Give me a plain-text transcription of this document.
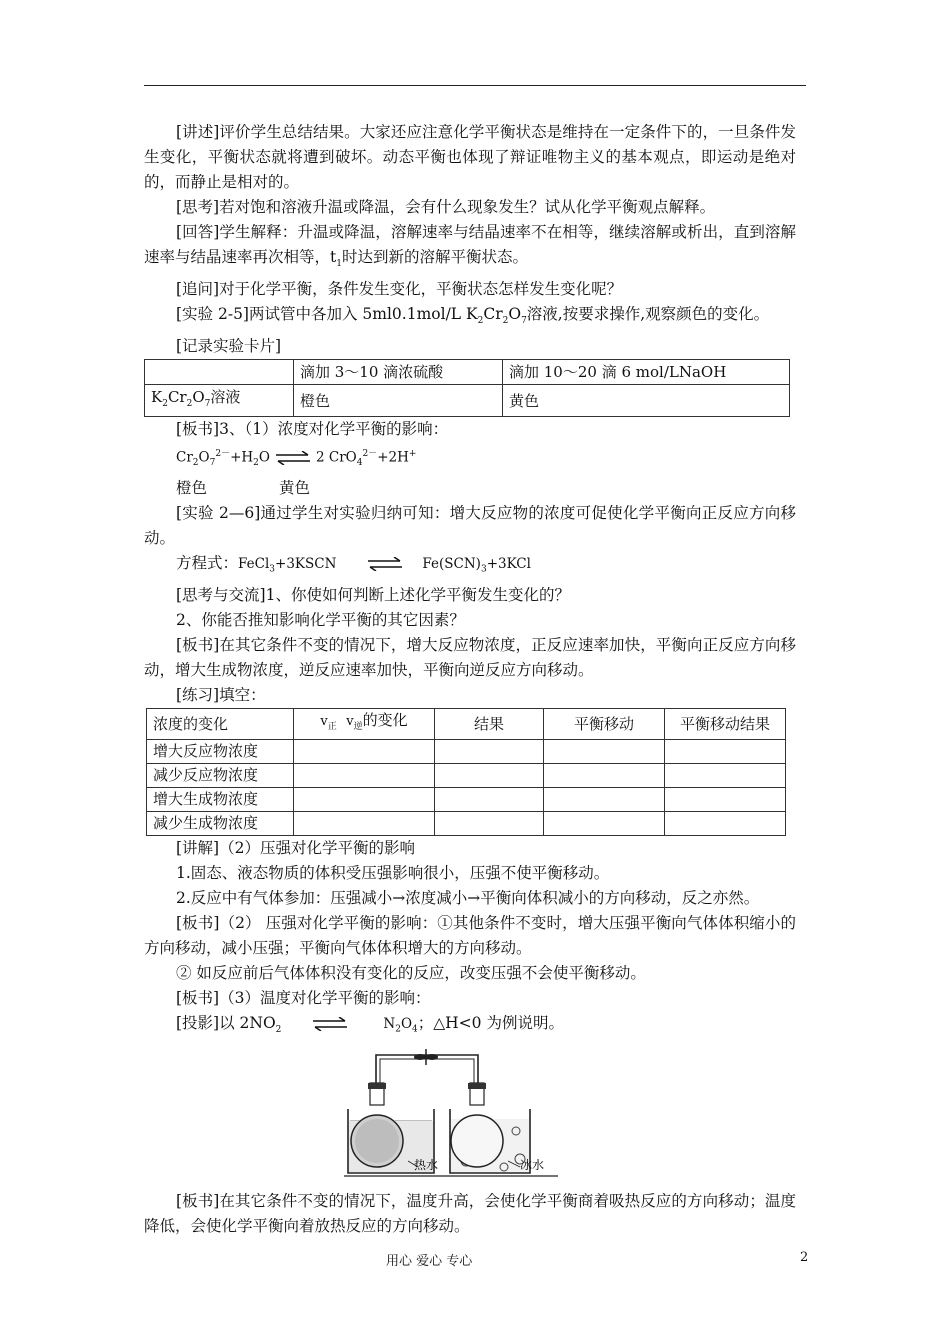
[讲述]评价学生总结结果。大家还应注意化学平衡状态是维持在一定条件下的，一旦条件发生变化，平衡状态就将遭到破坏。动态平衡也体现了辩证唯物主义的基本观点，即运动是绝对的，而静止是相对的。

[思考]若对饱和溶液升温或降温，会有什么现象发生？试从化学平衡观点解释。

[回答]学生解释：升温或降温，溶解速率与结晶速率不在相等，继续溶解或析出，直到溶解速率与结晶速率再次相等，$t_1$时达到新的溶解平衡状态。

[追问]对于化学平衡，条件发生变化，平衡状态怎样发生变化呢？

[实验 2-5]两试管中各加入 5ml0.1mol/L $K_2Cr_2O_7$溶液,按要求操作,观察颜色的变化。

[记录实验卡片]

	滴加 3～10 滴浓硫酸	滴加 10～20 滴 6 mol/LNaOH
$K_2Cr_2O_7$溶液	橙色	黄色

[板书]3、（1）浓度对化学平衡的影响：

$Cr_2O_7^{2-}+H_2O$ ⇌ 2 CrO$_4^{2-}$+2H+

橙色	黄色

[实验 2—6]通过学生对实验归纳可知：增大反应物的浓度可促使化学平衡向正反应方向移动。

方程式：FeCl$_3$+3KSCN ⇌ $Fe(SCN)_3+3KCl$

[思考与交流]1、你使如何判断上述化学平衡发生变化的？

2、你能否推知影响化学平衡的其它因素？

[板书]在其它条件不变的情况下，增大反应物浓度，正反应速率加快，平衡向正反应方向移动，增大生成物浓度，逆反应速率加快，平衡向逆反应方向移动。

[练习]填空：

浓度的变化	$v_正$ $v_逆$的变化	结果	平衡移动	平衡移动结果
增大反应物浓度				
减少反应物浓度				
增大生成物浓度				
减少生成物浓度				

[讲解]（2）压强对化学平衡的影响

1.固态、液态物质的体积受压强影响很小，压强不使平衡移动。

2.反应中有气体参加：压强减小→浓度减小→平衡向体积减小的方向移动，反之亦然。

[板书]（2） 压强对化学平衡的影响：①其他条件不变时，增大压强平衡向气体体积缩小的方向移动，减小压强；平衡向气体体积增大的方向移动。

② 如反应前后气体体积没有变化的反应，改变压强不会使平衡移动。

[板书]（3）温度对化学平衡的影响：

[投影]以 $2NO_2$	$N_2O_4$；△H<0 为例说明。

热水	冰水

[板书]在其它条件不变的情况下，温度升高，会使化学平衡商着吸热反应的方向移动；温度降低，会使化学平衡向着放热反应的方向移动。

用心 爱心 专心	2
